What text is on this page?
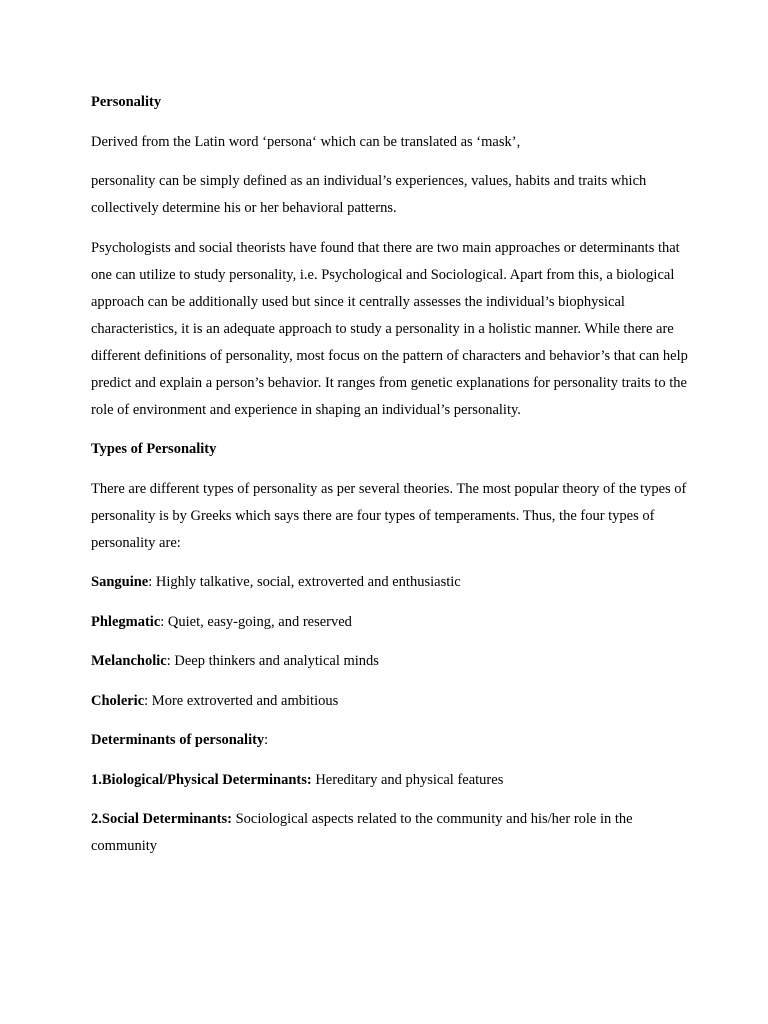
Personality

Derived from the Latin word ‘persona‘ which can be translated as ‘mask’,

personality can be simply defined as an individual’s experiences, values, habits and traits which collectively determine his or her behavioral patterns.

Psychologists and social theorists have found that there are two main approaches or determinants that one can utilize to study personality, i.e. Psychological and Sociological. Apart from this, a biological approach can be additionally used but since it centrally assesses the individual’s biophysical characteristics, it is an adequate approach to study a personality in a holistic manner. While there are different definitions of personality, most focus on the pattern of characters and behavior’s that can help predict and explain a person’s behavior. It ranges from genetic explanations for personality traits to the role of environment and experience in shaping an individual’s personality.

Types of Personality

There are different types of personality as per several theories. The most popular theory of the types of personality is by Greeks which says there are four types of temperaments. Thus, the four types of personality are:

Sanguine: Highly talkative, social, extroverted and enthusiastic

Phlegmatic: Quiet, easy-going, and reserved

Melancholic: Deep thinkers and analytical minds

Choleric: More extroverted and ambitious

Determinants of personality:

1.Biological/Physical Determinants: Hereditary and physical features

2.Social Determinants: Sociological aspects related to the community and his/her role in the community
